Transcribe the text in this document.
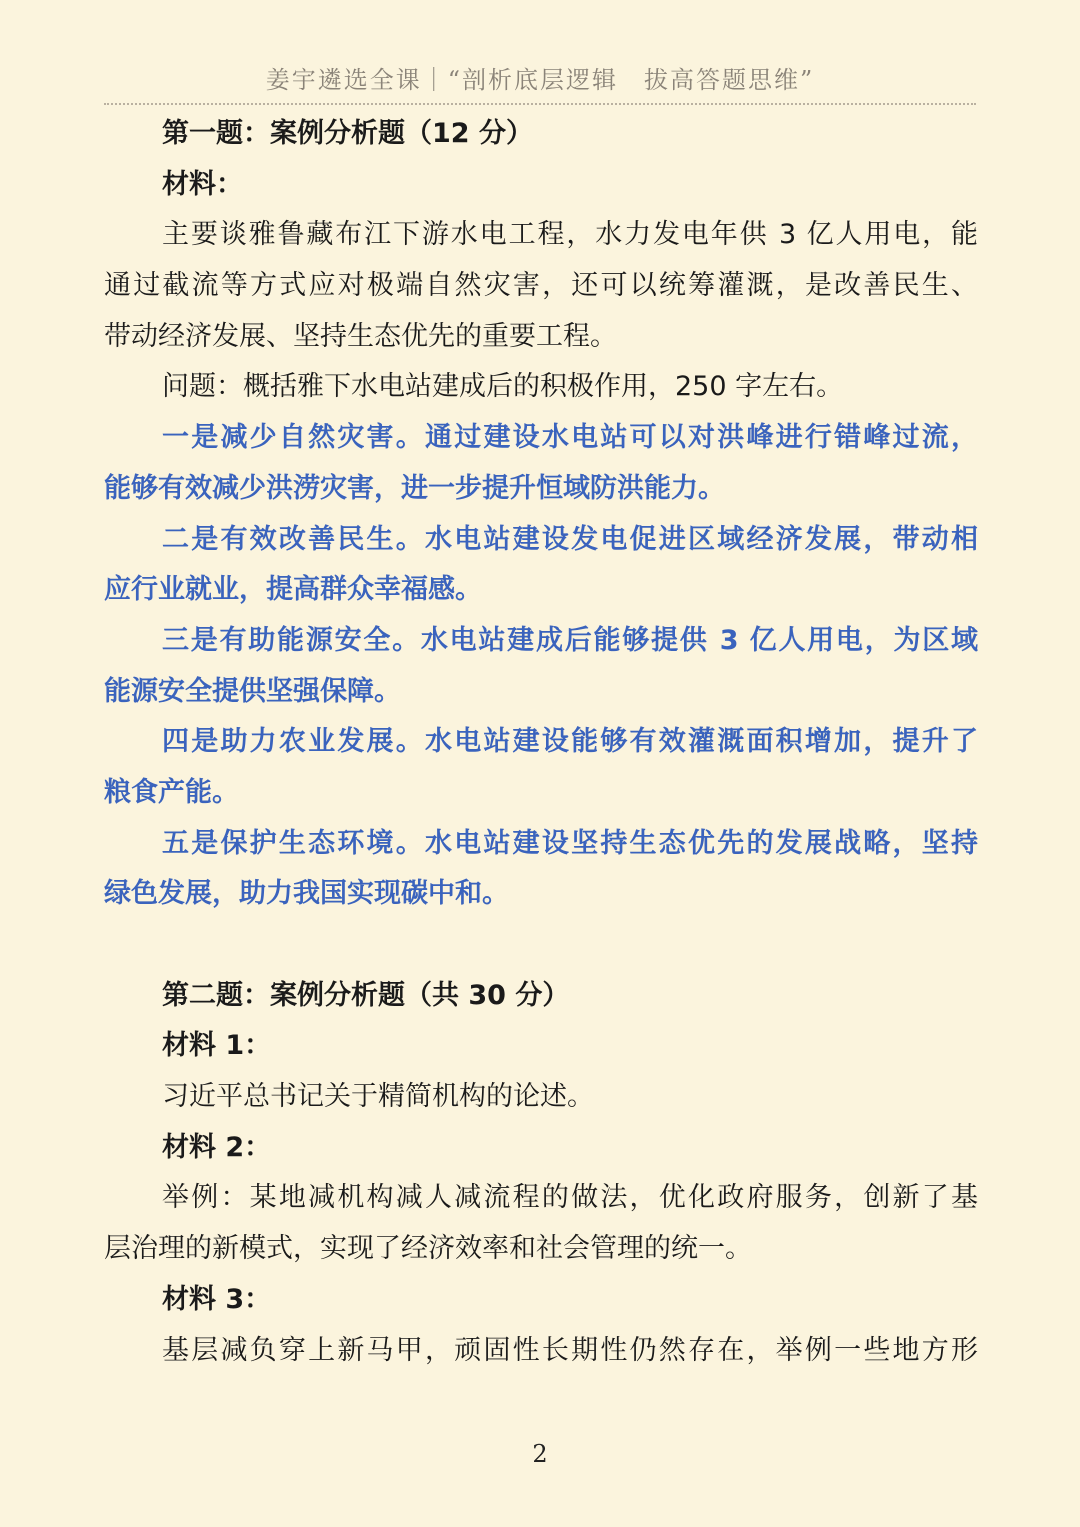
姜宇遴选全课｜“剖析底层逻辑　拔高答题思维”
第一题：案例分析题（12 分）
材料：
主要谈雅鲁藏布江下游水电工程，水力发电年供 3 亿人用电，能
通过截流等方式应对极端自然灾害，还可以统筹灌溉，是改善民生、
带动经济发展、坚持生态优先的重要工程。
问题：概括雅下水电站建成后的积极作用，250 字左右。
一是减少自然灾害。通过建设水电站可以对洪峰进行错峰过流，
能够有效减少洪涝灾害，进一步提升恒域防洪能力。
二是有效改善民生。水电站建设发电促进区域经济发展，带动相
应行业就业，提高群众幸福感。
三是有助能源安全。水电站建成后能够提供 3 亿人用电，为区域
能源安全提供坚强保障。
四是助力农业发展。水电站建设能够有效灌溉面积增加，提升了
粮食产能。
五是保护生态环境。水电站建设坚持生态优先的发展战略，坚持
绿色发展，助力我国实现碳中和。
第二题：案例分析题（共 30 分）
材料 1：
习近平总书记关于精简机构的论述。
材料 2：
举例：某地减机构减人减流程的做法，优化政府服务，创新了基
层治理的新模式，实现了经济效率和社会管理的统一。
材料 3：
基层减负穿上新马甲，顽固性长期性仍然存在，举例一些地方形
2
